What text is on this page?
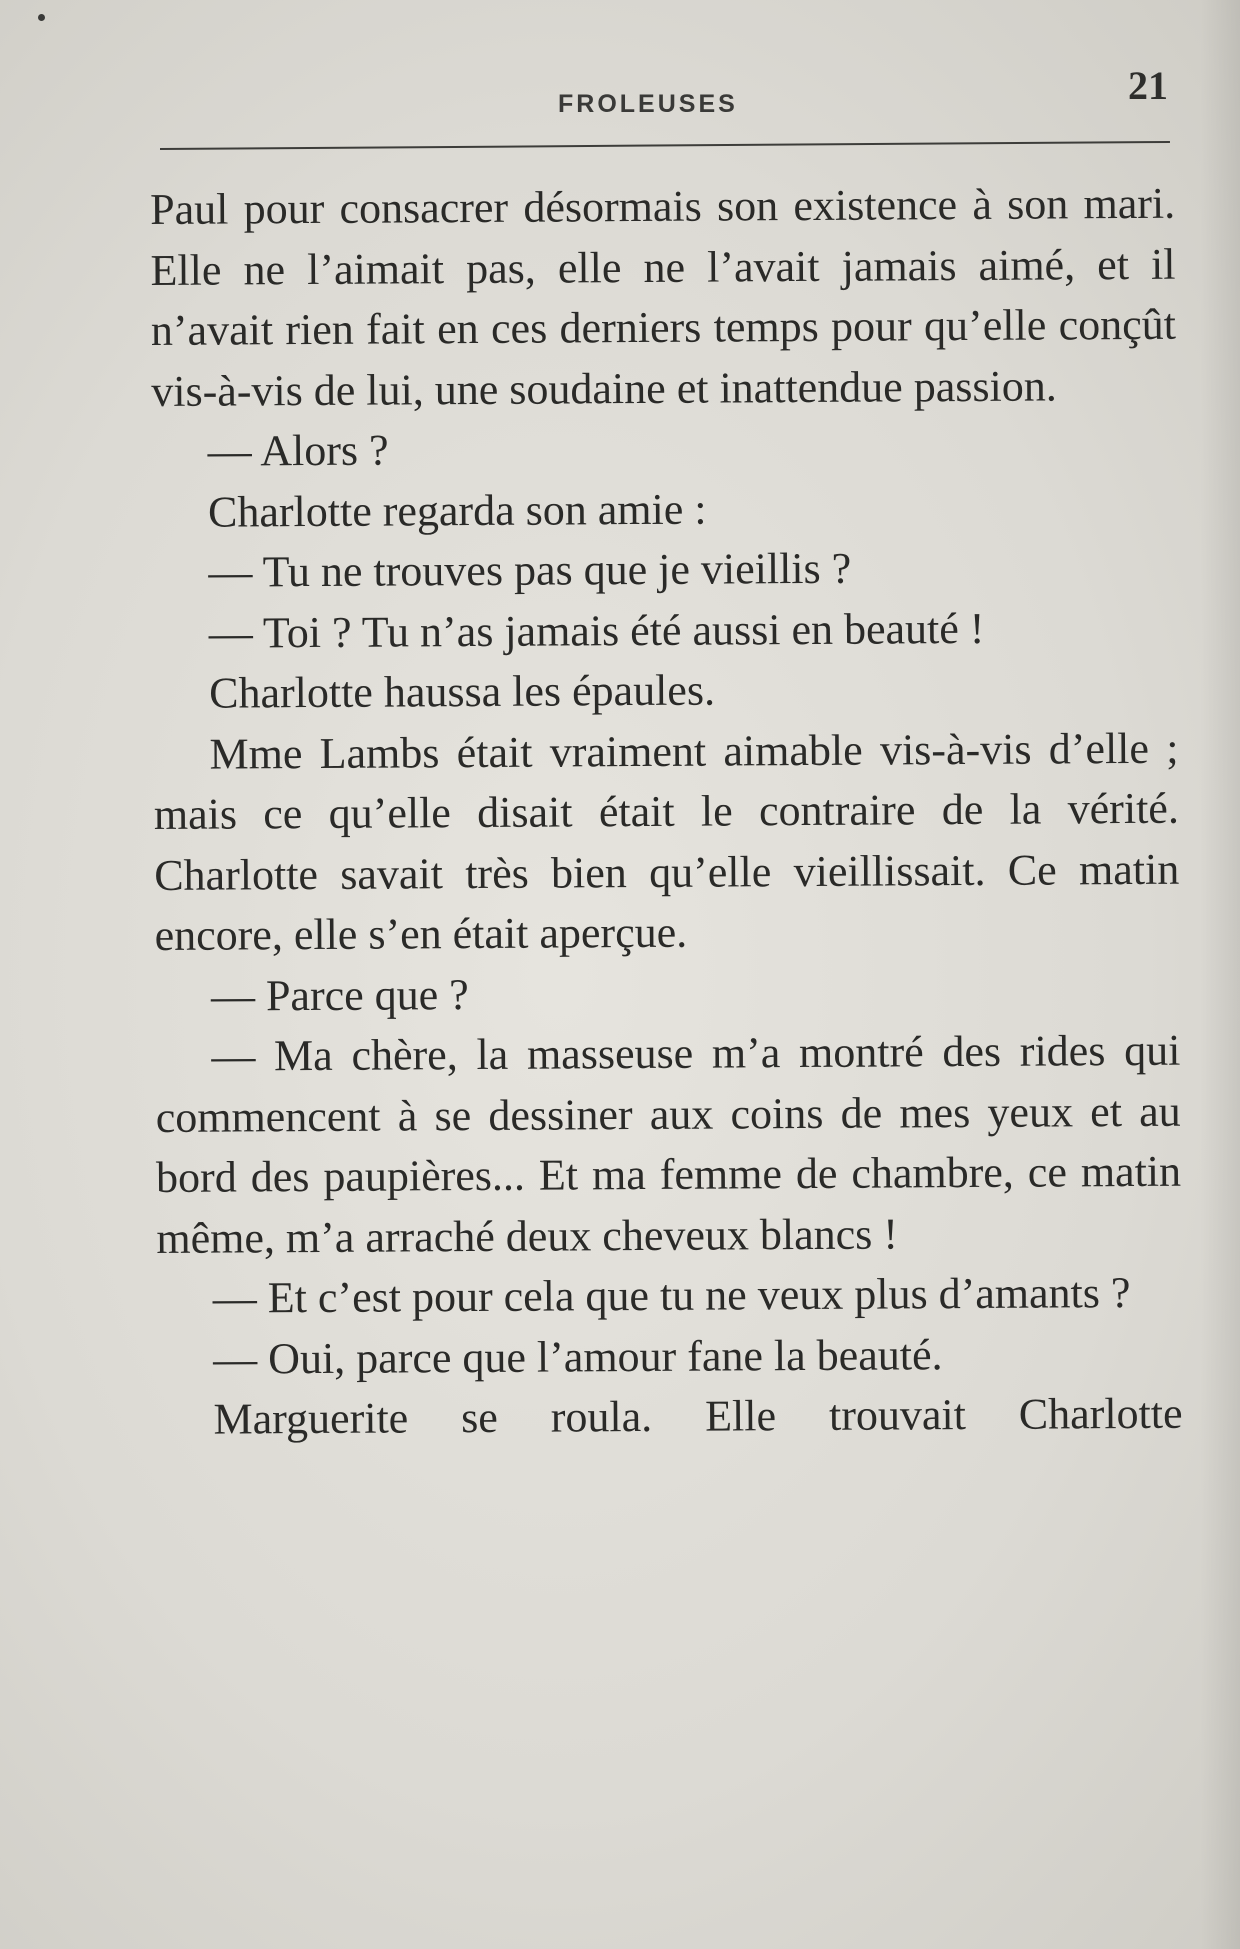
FROLEUSES	21

Paul pour consacrer désormais son existence à son mari. Elle ne l’aimait pas, elle ne l’avait jamais aimé, et il n’avait rien fait en ces derniers temps pour qu’elle conçût vis-à-vis de lui, une soudaine et inattendue passion.

— Alors ?

Charlotte regarda son amie :

— Tu ne trouves pas que je vieillis ?

— Toi ? Tu n’as jamais été aussi en beauté !

Charlotte haussa les épaules.

Mme Lambs était vraiment aimable vis-à-vis d’elle ; mais ce qu’elle disait était le contraire de la vérité. Charlotte savait très bien qu’elle vieillissait. Ce matin encore, elle s’en était aperçue.

— Parce que ?

— Ma chère, la masseuse m’a montré des rides qui commencent à se dessiner aux coins de mes yeux et au bord des paupières... Et ma femme de chambre, ce matin même, m’a arraché deux cheveux blancs !

— Et c’est pour cela que tu ne veux plus d’amants ?

— Oui, parce que l’amour fane la beauté.

Marguerite se roula. Elle trouvait Charlotte
